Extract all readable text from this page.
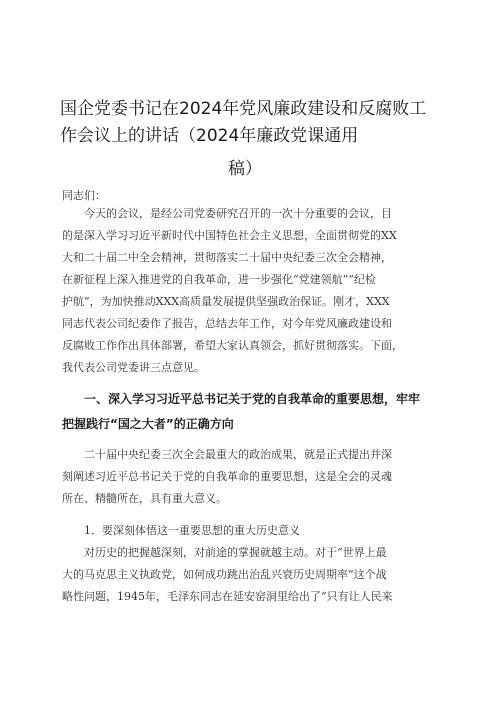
国企党委书记在2024年党风廉政建设和反腐败工
作会议上的讲话（2024年廉政党课通用
稿）
同志们：
今天的会议，是经公司党委研究召开的一次十分重要的会议，目
的是深入学习习近平新时代中国特色社会主义思想，全面贯彻党的XX
大和二十届二中全会精神，贯彻落实二十届中央纪委三次全会精神，
在新征程上深入推进党的自我革命，进一步强化“党建领航”“纪检
护航”，为加快推动XXX高质量发展提供坚强政治保证。刚才，XXX
同志代表公司纪委作了报告，总结去年工作，对今年党风廉政建设和
反腐败工作作出具体部署，希望大家认真领会，抓好贯彻落实。下面，
我代表公司党委讲三点意见。
一、深入学习习近平总书记关于党的自我革命的重要思想，牢牢
把握践行“国之大者”的正确方向
二十届中央纪委三次全会最重大的政治成果，就是正式提出并深
刻阐述习近平总书记关于党的自我革命的重要思想，这是全会的灵魂
所在、精髓所在，具有重大意义。
1．要深刻体悟这一重要思想的重大历史意义
对历史的把握越深刻，对前途的掌握就越主动。对于“世界上最
大的马克思主义执政党，如何成功跳出治乱兴衰历史周期率”这个战
略性问题，1945年，毛泽东同志在延安窑洞里给出了“只有让人民来
